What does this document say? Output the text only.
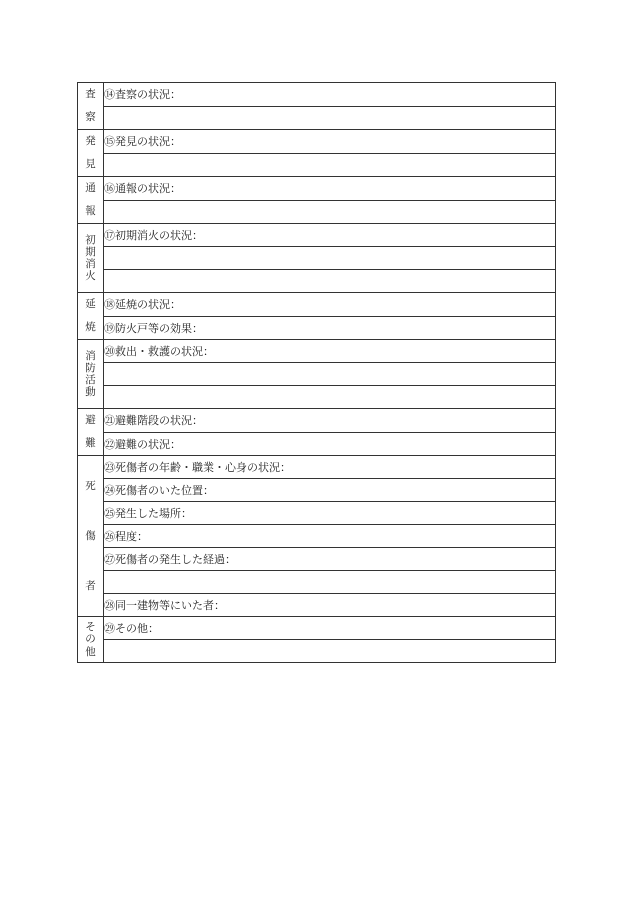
査
察	⑭査察の状況：

発
見	⑮発見の状況：

通
報	⑯通報の状況：

初
期
消
火	⑰初期消火の状況：

延
焼	⑱延焼の状況：
	⑲防火戸等の効果：

消
防
活
動	⑳救出・救護の状況：

避
難	㉑避難階段の状況：
	㉒避難の状況：

死
傷
者	㉓死傷者の年齢・職業・心身の状況：
	㉔死傷者のいた位置：
	㉕発生した場所：
	㉖程度：
	㉗死傷者の発生した経過：

	㉘同一建物等にいた者：

そ
の
他	㉙その他：
